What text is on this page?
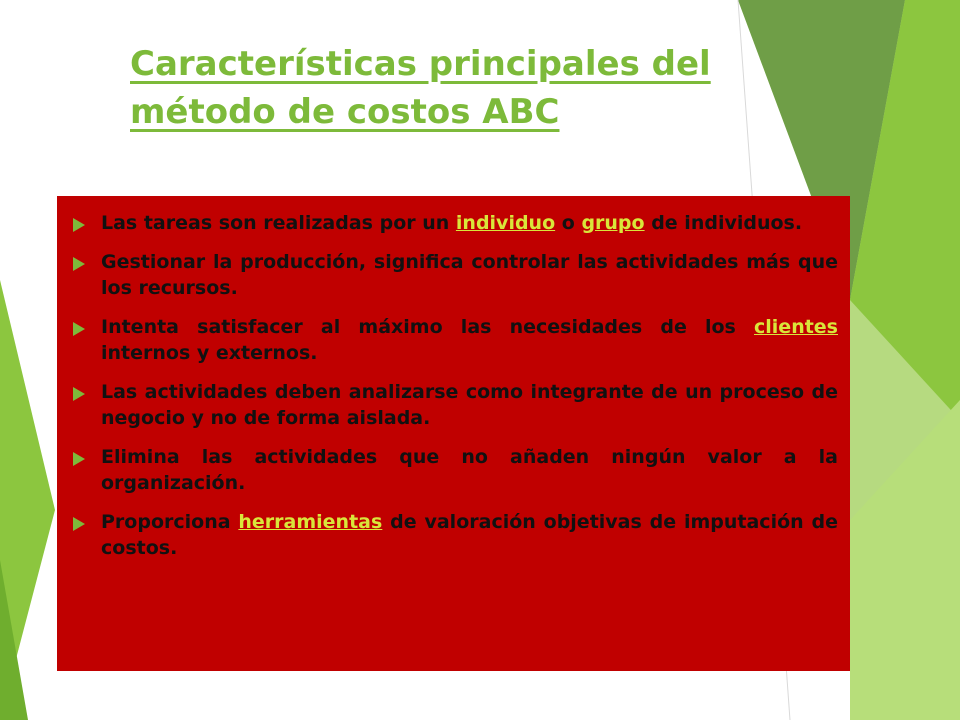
Características principales del
método de costos ABC
Las tareas son realizadas por un individuo o grupo de individuos.
Gestionar la producción, significa controlar las actividades más que los recursos.
Intenta satisfacer al máximo las necesidades de los clientes internos y externos.
Las actividades deben analizarse como integrante de un proceso de negocio y no de forma aislada.
Elimina las actividades que no añaden ningún valor a la organización.
Proporciona herramientas de valoración objetivas de imputación de costos.
